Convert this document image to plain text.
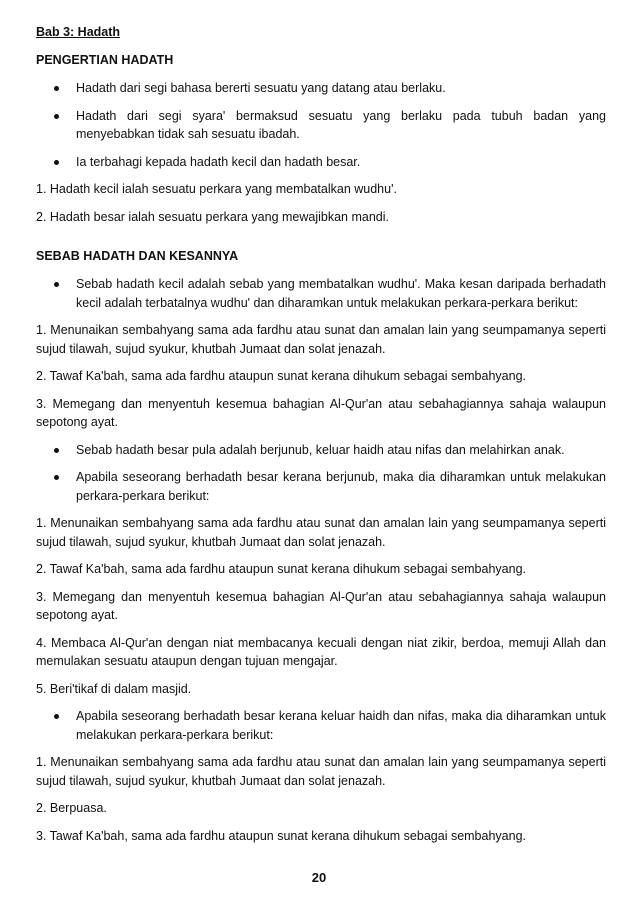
Bab 3: Hadath
PENGERTIAN HADATH
Hadath dari segi bahasa bererti sesuatu yang datang atau berlaku.
Hadath dari segi syara' bermaksud sesuatu yang berlaku pada tubuh badan yang menyebabkan tidak sah sesuatu ibadah.
Ia terbahagi kepada hadath kecil dan hadath besar.

1. Hadath kecil ialah sesuatu perkara yang membatalkan wudhu'.

2. Hadath besar ialah sesuatu perkara yang mewajibkan mandi.

SEBAB HADATH DAN KESANNYA
Sebab hadath kecil adalah sebab yang membatalkan wudhu'. Maka kesan daripada berhadath kecil adalah terbatalnya wudhu' dan diharamkan untuk melakukan perkara-perkara berikut:

1. Menunaikan sembahyang sama ada fardhu atau sunat dan amalan lain yang seumpamanya seperti sujud tilawah, sujud syukur, khutbah Jumaat dan solat jenazah.

2. Tawaf Ka'bah, sama ada fardhu ataupun sunat kerana dihukum sebagai sembahyang.

3. Memegang dan menyentuh kesemua bahagian Al-Qur'an atau sebahagiannya sahaja walaupun sepotong ayat.

Sebab hadath besar pula adalah berjunub, keluar haidh atau nifas dan melahirkan anak.
Apabila seseorang berhadath besar kerana berjunub, maka dia diharamkan untuk melakukan perkara-perkara berikut:

1. Menunaikan sembahyang sama ada fardhu atau sunat dan amalan lain yang seumpamanya seperti sujud tilawah, sujud syukur, khutbah Jumaat dan solat jenazah.

2. Tawaf Ka'bah, sama ada fardhu ataupun sunat kerana dihukum sebagai sembahyang.

3. Memegang dan menyentuh kesemua bahagian Al-Qur'an atau sebahagiannya sahaja walaupun sepotong ayat.

4. Membaca Al-Qur'an dengan niat membacanya kecuali dengan niat zikir, berdoa, memuji Allah dan memulakan sesuatu ataupun dengan tujuan mengajar.

5. Beri'tikaf di dalam masjid.

Apabila seseorang berhadath besar kerana keluar haidh dan nifas, maka dia diharamkan untuk melakukan perkara-perkara berikut:

1. Menunaikan sembahyang sama ada fardhu atau sunat dan amalan lain yang seumpamanya seperti sujud tilawah, sujud syukur, khutbah Jumaat dan solat jenazah.

2. Berpuasa.

3. Tawaf Ka'bah, sama ada fardhu ataupun sunat kerana dihukum sebagai sembahyang.

20
